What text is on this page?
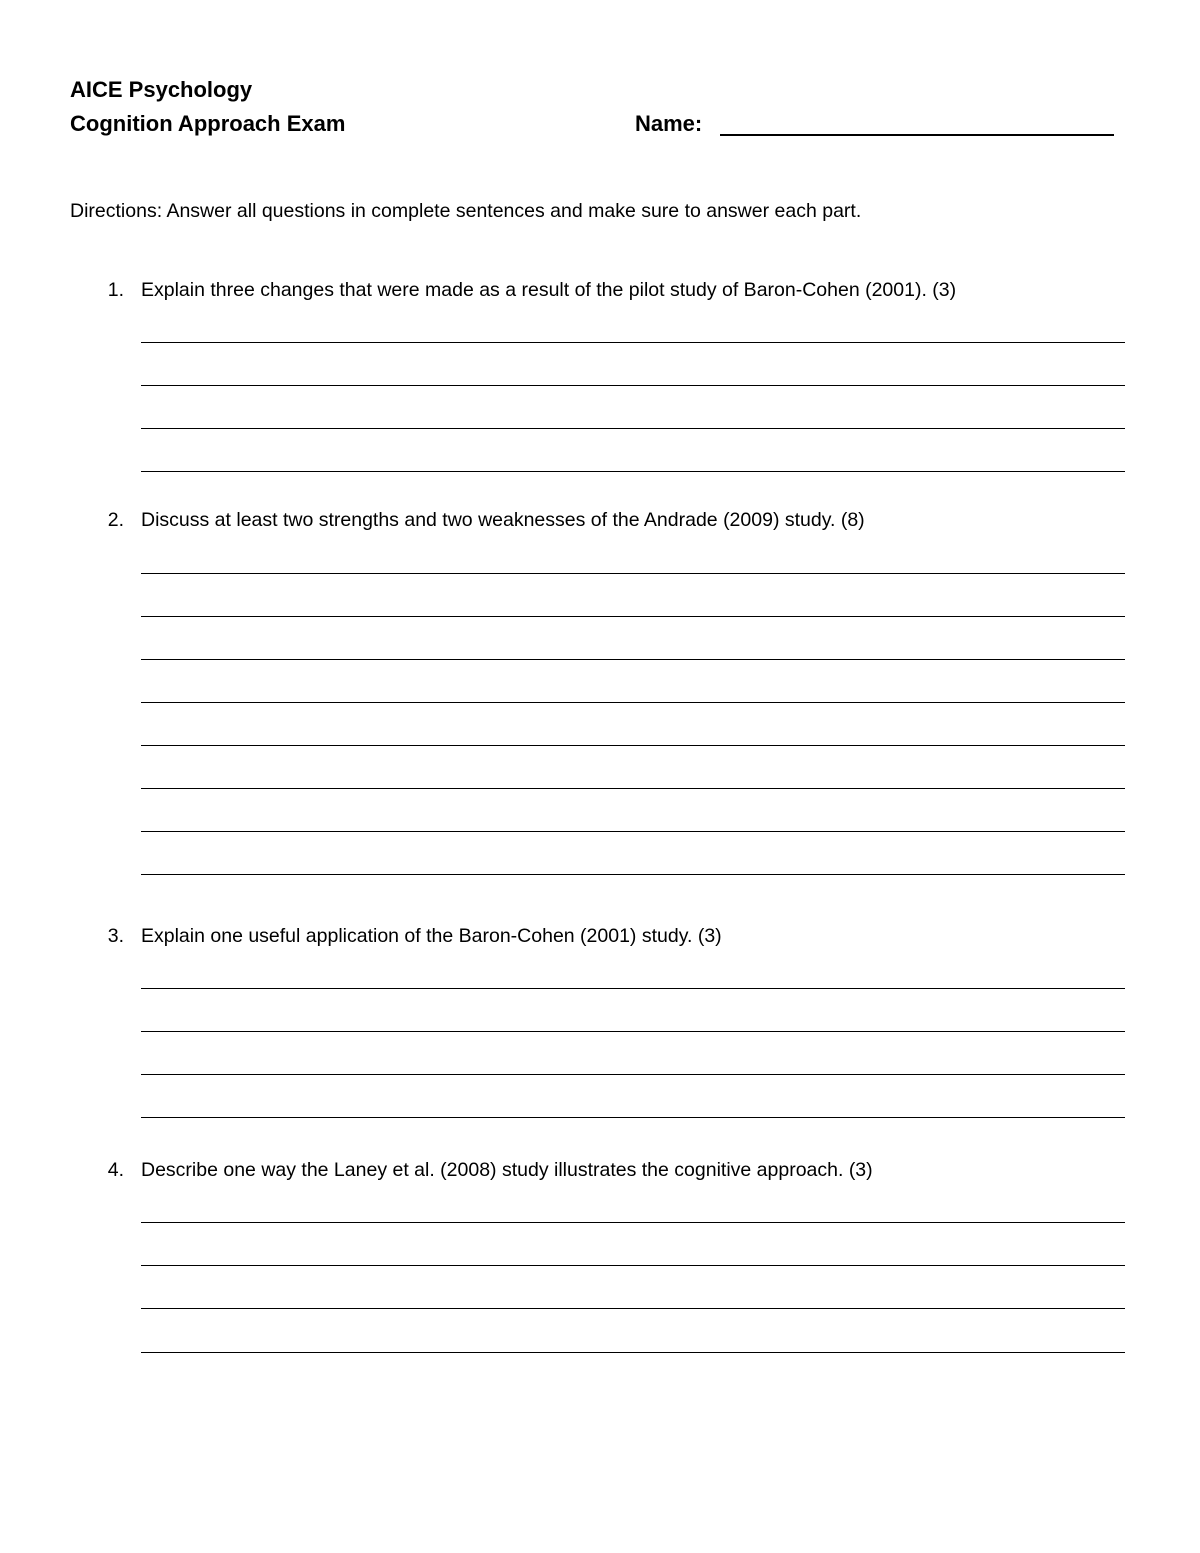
AICE Psychology
Cognition Approach Exam	Name:
Directions: Answer all questions in complete sentences and make sure to answer each part.
1. Explain three changes that were made as a result of the pilot study of Baron-Cohen (2001). (3)
2. Discuss at least two strengths and two weaknesses of the Andrade (2009) study. (8)
3. Explain one useful application of the Baron-Cohen (2001) study. (3)
4. Describe one way the Laney et al. (2008) study illustrates the cognitive approach. (3)
